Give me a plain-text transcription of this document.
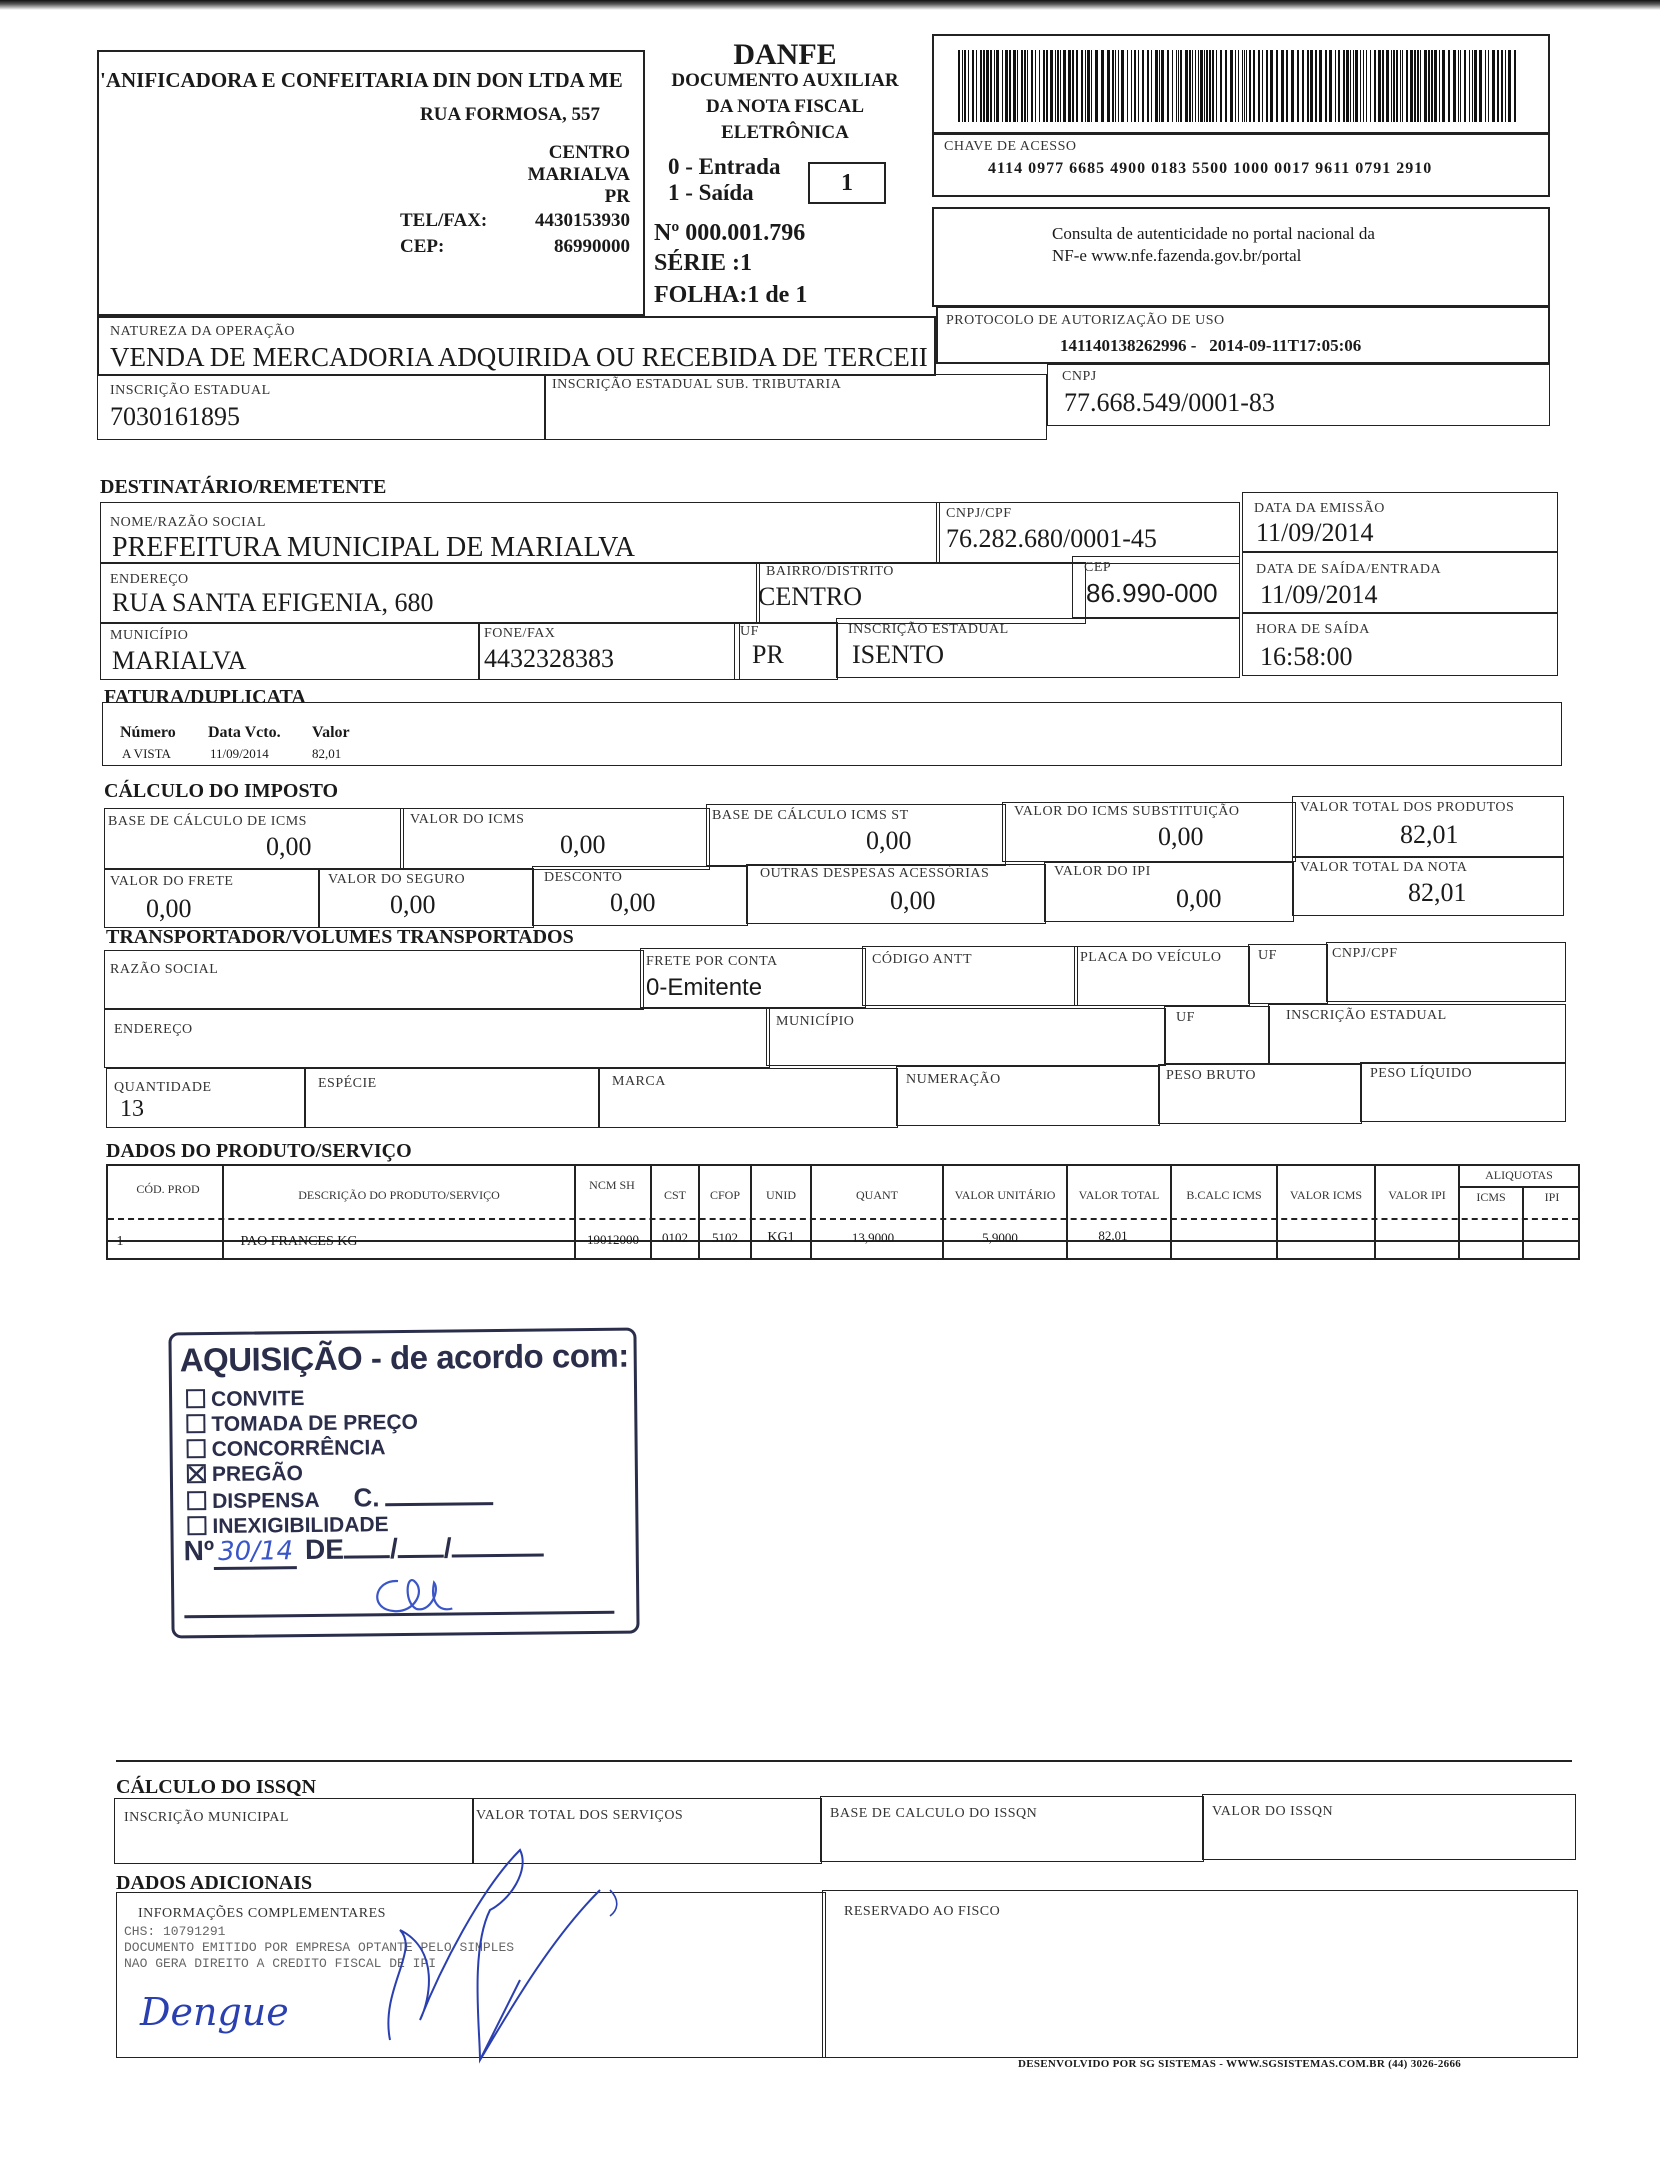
'ANIFICADORA E CONFEITARIA DIN DON LTDA ME
RUA FORMOSA, 557
CENTRO
MARIALVA
PR
TEL/FAX:	4430153930
CEP:	86990000
DANFE
DOCUMENTO AUXILIAR
DA NOTA FISCAL
ELETRÔNICA
0 - Entrada
1 - Saída	1
Nº 000.001.796
SÉRIE :1
FOLHA:1 de 1
CHAVE DE ACESSO
4114 0977 6685 4900 0183 5500 1000 0017 9611 0791 2910
Consulta de autenticidade no portal nacional da
NF-e www.nfe.fazenda.gov.br/portal
NATUREZA DA OPERAÇÃO
VENDA DE MERCADORIA ADQUIRIDA OU RECEBIDA DE TERCEII
PROTOCOLO DE AUTORIZAÇÃO DE USO
141140138262996 -   2014-09-11T17:05:06
INSCRIÇÃO ESTADUAL
7030161895
INSCRIÇÃO ESTADUAL SUB. TRIBUTARIA
CNPJ
77.668.549/0001-83
DESTINATÁRIO/REMETENTE
NOME/RAZÃO SOCIAL
PREFEITURA MUNICIPAL DE MARIALVA
CNPJ/CPF
76.282.680/0001-45
DATA DA EMISSÃO
11/09/2014
ENDEREÇO
RUA SANTA EFIGENIA, 680
BAIRRO/DISTRITO
CENTRO
CEP
86.990-000
DATA DE SAÍDA/ENTRADA
11/09/2014
MUNICÍPIO
MARIALVA
FONE/FAX
4432328383
UF
PR
INSCRIÇÃO ESTADUAL
ISENTO
HORA DE SAÍDA
16:58:00
FATURA/DUPLICATA
Número Data Vcto. Valor
A VISTA	11/09/2014	82,01
CÁLCULO DO IMPOSTO
BASE DE CÁLCULO DE ICMS
0,00
VALOR DO ICMS
0,00
BASE DE CÁLCULO ICMS ST
0,00
VALOR DO ICMS SUBSTITUIÇÃO
0,00
VALOR TOTAL DOS PRODUTOS
82,01
VALOR DO FRETE
0,00
VALOR DO SEGURO
0,00
DESCONTO
0,00
OUTRAS DESPESAS ACESSÓRIAS
0,00
VALOR DO IPI
0,00
VALOR TOTAL DA NOTA
82,01
TRANSPORTADOR/VOLUMES TRANSPORTADOS
RAZÃO SOCIAL
FRETE POR CONTA
0-Emitente
CÓDIGO ANTT	PLACA DO VEÍCULO	UF	CNPJ/CPF
ENDEREÇO
MUNICÍPIO	UF	INSCRIÇÃO ESTADUAL
QUANTIDADE
13
ESPÉCIE	MARCA	NUMERAÇÃO	PESO BRUTO	PESO LÍQUIDO
DADOS DO PRODUTO/SERVIÇO
CÓD. PROD	DESCRIÇÃO DO PRODUTO/SERVIÇO
NCM SH
CST	CFOP	UNID	QUANT	VALOR UNITÁRIO	VALOR TOTAL	B.CALC ICMS	VALOR ICMS	VALOR IPI
ALIQUOTAS
ICMS	IPI
1	PAO FRANCES KG	19012000	0102	5102	KG1	13,9000	5,9000	82,01
AQUISIÇÃO - de acordo com:
CONVITE
TOMADA DE PREÇO
CONCORRÊNCIA
PREGÃO
DISPENSA C.
INEXIGIBILIDADE
Nº 30/14 DE / /
CÁLCULO DO ISSQN
INSCRIÇÃO MUNICIPAL	VALOR TOTAL DOS SERVIÇOS	BASE DE CALCULO DO ISSQN	VALOR DO ISSQN
DADOS ADICIONAIS
INFORMAÇÕES COMPLEMENTARES
CHS: 10791291
DOCUMENTO EMITIDO POR EMPRESA OPTANTE PELO SIMPLES
NAO GERA DIREITO A CREDITO FISCAL DE IPI
Dengue
RESERVADO AO FISCO
DESENVOLVIDO POR SG SISTEMAS - WWW.SGSISTEMAS.COM.BR (44) 3026-2666
